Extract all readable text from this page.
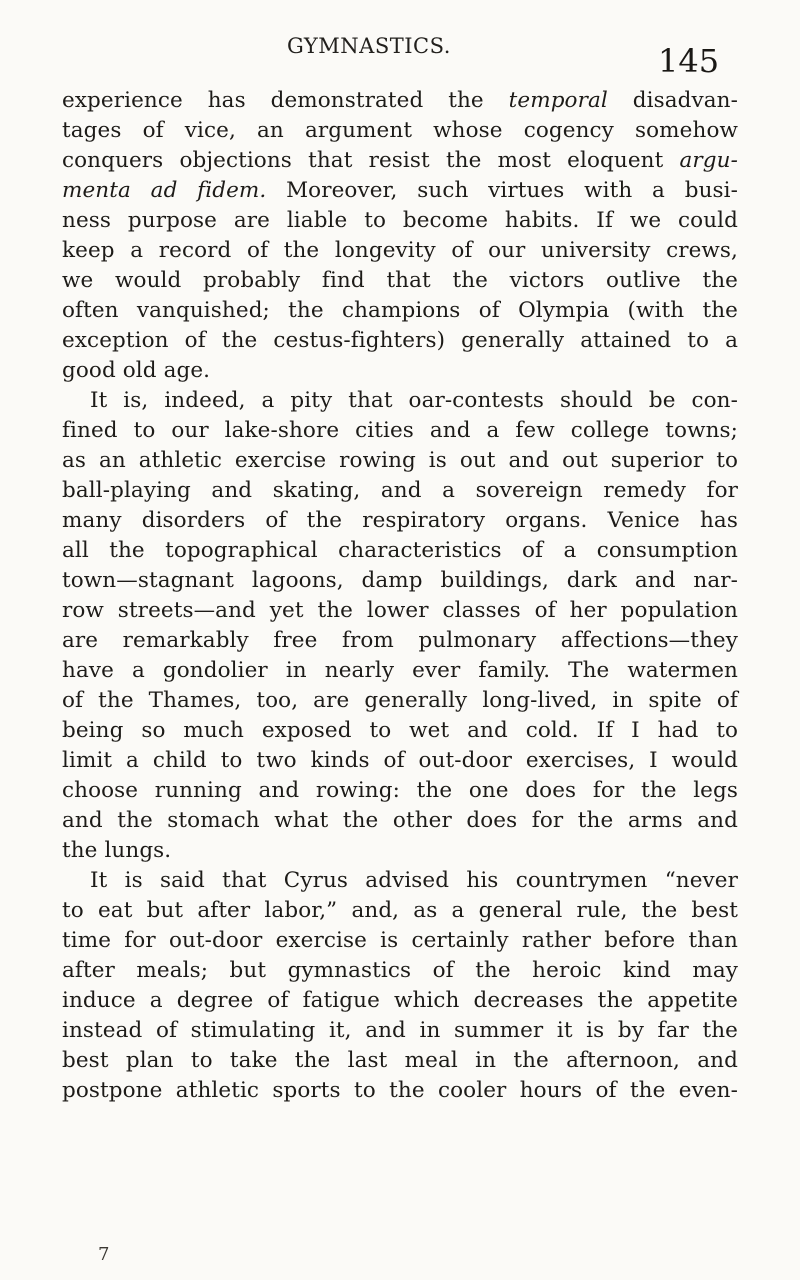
GYMNASTICS.	145
experience has demonstrated the temporal disadvan-
tages of vice, an argument whose cogency somehow
conquers objections that resist the most eloquent argu-
menta ad fidem. Moreover, such virtues with a busi-
ness purpose are liable to become habits. If we could
keep a record of the longevity of our university crews,
we would probably find that the victors outlive the
often vanquished; the champions of Olympia (with the
exception of the cestus-fighters) generally attained to a
good old age.
It is, indeed, a pity that oar-contests should be con-
fined to our lake-shore cities and a few college towns;
as an athletic exercise rowing is out and out superior to
ball-playing and skating, and a sovereign remedy for
many disorders of the respiratory organs. Venice has
all the topographical characteristics of a consumption
town—stagnant lagoons, damp buildings, dark and nar-
row streets—and yet the lower classes of her population
are remarkably free from pulmonary affections—they
have a gondolier in nearly ever family. The watermen
of the Thames, too, are generally long-lived, in spite of
being so much exposed to wet and cold. If I had to
limit a child to two kinds of out-door exercises, I would
choose running and rowing: the one does for the legs
and the stomach what the other does for the arms and
the lungs.
It is said that Cyrus advised his countrymen “never
to eat but after labor,” and, as a general rule, the best
time for out-door exercise is certainly rather before than
after meals; but gymnastics of the heroic kind may
induce a degree of fatigue which decreases the appetite
instead of stimulating it, and in summer it is by far the
best plan to take the last meal in the afternoon, and
postpone athletic sports to the cooler hours of the even-
7
